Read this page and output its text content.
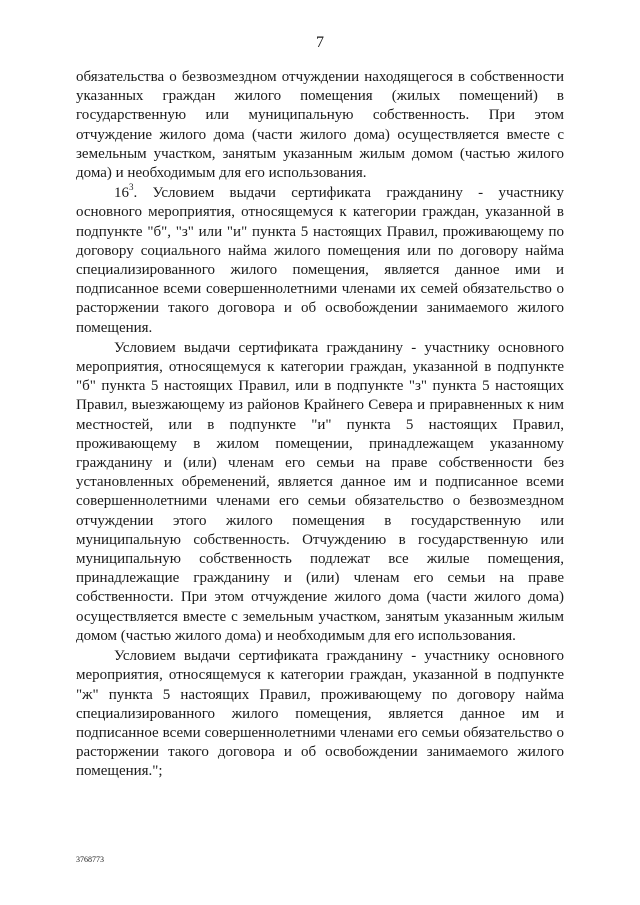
7

обязательства о безвозмездном отчуждении находящегося в собственности указанных граждан жилого помещения (жилых помещений) в государственную или муниципальную собственность. При этом отчуждение жилого дома (части жилого дома) осуществляется вместе с земельным участком, занятым указанным жилым домом (частью жилого дома) и необходимым для его использования.

$16^3$. Условием выдачи сертификата гражданину - участнику основного мероприятия, относящемуся к категории граждан, указанной в подпункте "б", "з" или "и" пункта 5 настоящих Правил, проживающему по договору социального найма жилого помещения или по договору найма специализированного жилого помещения, является данное ими и подписанное всеми совершеннолетними членами их семей обязательство о расторжении такого договора и об освобождении занимаемого жилого помещения.

Условием выдачи сертификата гражданину - участнику основного мероприятия, относящемуся к категории граждан, указанной в подпункте "б" пункта 5 настоящих Правил, или в подпункте "з" пункта 5 настоящих Правил, выезжающему из районов Крайнего Севера и приравненных к ним местностей, или в подпункте "и" пункта 5 настоящих Правил, проживающему в жилом помещении, принадлежащем указанному гражданину и (или) членам его семьи на праве собственности без установленных обременений, является данное им и подписанное всеми совершеннолетними членами его семьи обязательство о безвозмездном отчуждении этого жилого помещения в государственную или муниципальную собственность. Отчуждению в государственную или муниципальную собственность подлежат все жилые помещения, принадлежащие гражданину и (или) членам его семьи на праве собственности. При этом отчуждение жилого дома (части жилого дома) осуществляется вместе с земельным участком, занятым указанным жилым домом (частью жилого дома) и необходимым для его использования.

Условием выдачи сертификата гражданину - участнику основного мероприятия, относящемуся к категории граждан, указанной в подпункте "ж" пункта 5 настоящих Правил, проживающему по договору найма специализированного жилого помещения, является данное им и подписанное всеми совершеннолетними членами его семьи обязательство о расторжении такого договора и об освобождении занимаемого жилого помещения.";

3768773
